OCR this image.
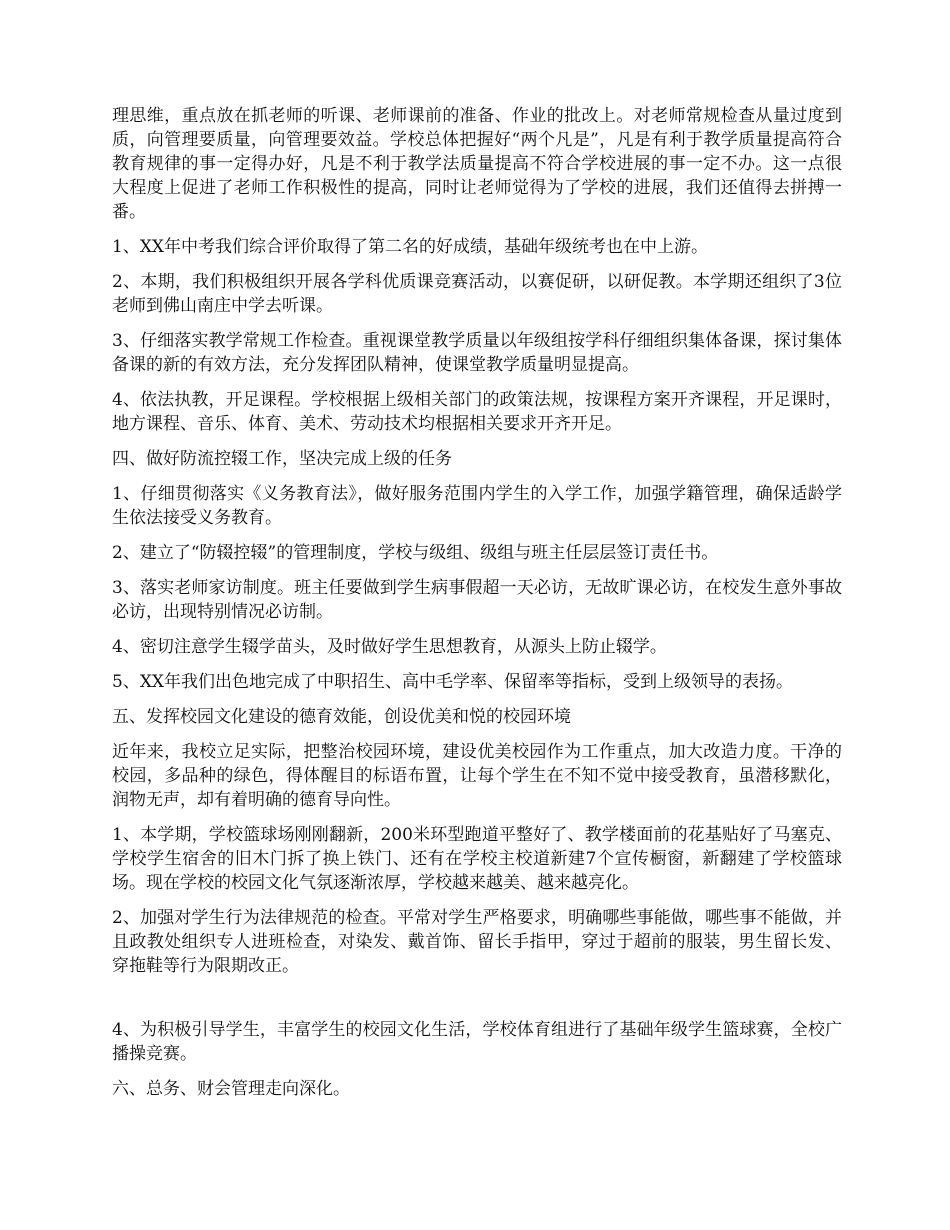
理思维，重点放在抓老师的听课、老师课前的准备、作业的批改上。对老师常规检查从量过度到质，向管理要质量，向管理要效益。学校总体把握好“两个凡是”，凡是有利于教学质量提高符合教育规律的事一定得办好，凡是不利于教学法质量提高不符合学校进展的事一定不办。这一点很大程度上促进了老师工作积极性的提高，同时让老师觉得为了学校的进展，我们还值得去拼搏一番。

1、XX年中考我们综合评价取得了第二名的好成绩，基础年级统考也在中上游。

2、本期，我们积极组织开展各学科优质课竞赛活动，以赛促研，以研促教。本学期还组织了3位老师到佛山南庄中学去听课。

3、仔细落实教学常规工作检查。重视课堂教学质量以年级组按学科仔细组织集体备课，探讨集体备课的新的有效方法，充分发挥团队精神，使课堂教学质量明显提高。

4、依法执教，开足课程。学校根据上级相关部门的政策法规，按课程方案开齐课程，开足课时，地方课程、音乐、体育、美术、劳动技术均根据相关要求开齐开足。

四、做好防流控辍工作，坚决完成上级的任务

1、仔细贯彻落实《义务教育法》，做好服务范围内学生的入学工作，加强学籍管理，确保适龄学生依法接受义务教育。

2、建立了“防辍控辍”的管理制度，学校与级组、级组与班主任层层签订责任书。

3、落实老师家访制度。班主任要做到学生病事假超一天必访，无故旷课必访，在校发生意外事故必访，出现特别情况必访制。

4、密切注意学生辍学苗头，及时做好学生思想教育，从源头上防止辍学。

5、XX年我们出色地完成了中职招生、高中毛学率、保留率等指标，受到上级领导的表扬。

五、发挥校园文化建设的德育效能，创设优美和悦的校园环境

近年来，我校立足实际，把整治校园环境，建设优美校园作为工作重点，加大改造力度。干净的校园，多品种的绿色，得体醒目的标语布置，让每个学生在不知不觉中接受教育，虽潜移默化，润物无声，却有着明确的德育导向性。

1、本学期，学校篮球场刚刚翻新，200米环型跑道平整好了、教学楼面前的花基贴好了马塞克、学校学生宿舍的旧木门拆了换上铁门、还有在学校主校道新建7个宣传橱窗，新翻建了学校篮球场。现在学校的校园文化气氛逐渐浓厚，学校越来越美、越来越亮化。

2、加强对学生行为法律规范的检查。平常对学生严格要求，明确哪些事能做，哪些事不能做，并且政教处组织专人进班检查，对染发、戴首饰、留长手指甲，穿过于超前的服装，男生留长发、穿拖鞋等行为限期改正。

4、为积极引导学生，丰富学生的校园文化生活，学校体育组进行了基础年级学生篮球赛，全校广播操竞赛。

六、总务、财会管理走向深化。
